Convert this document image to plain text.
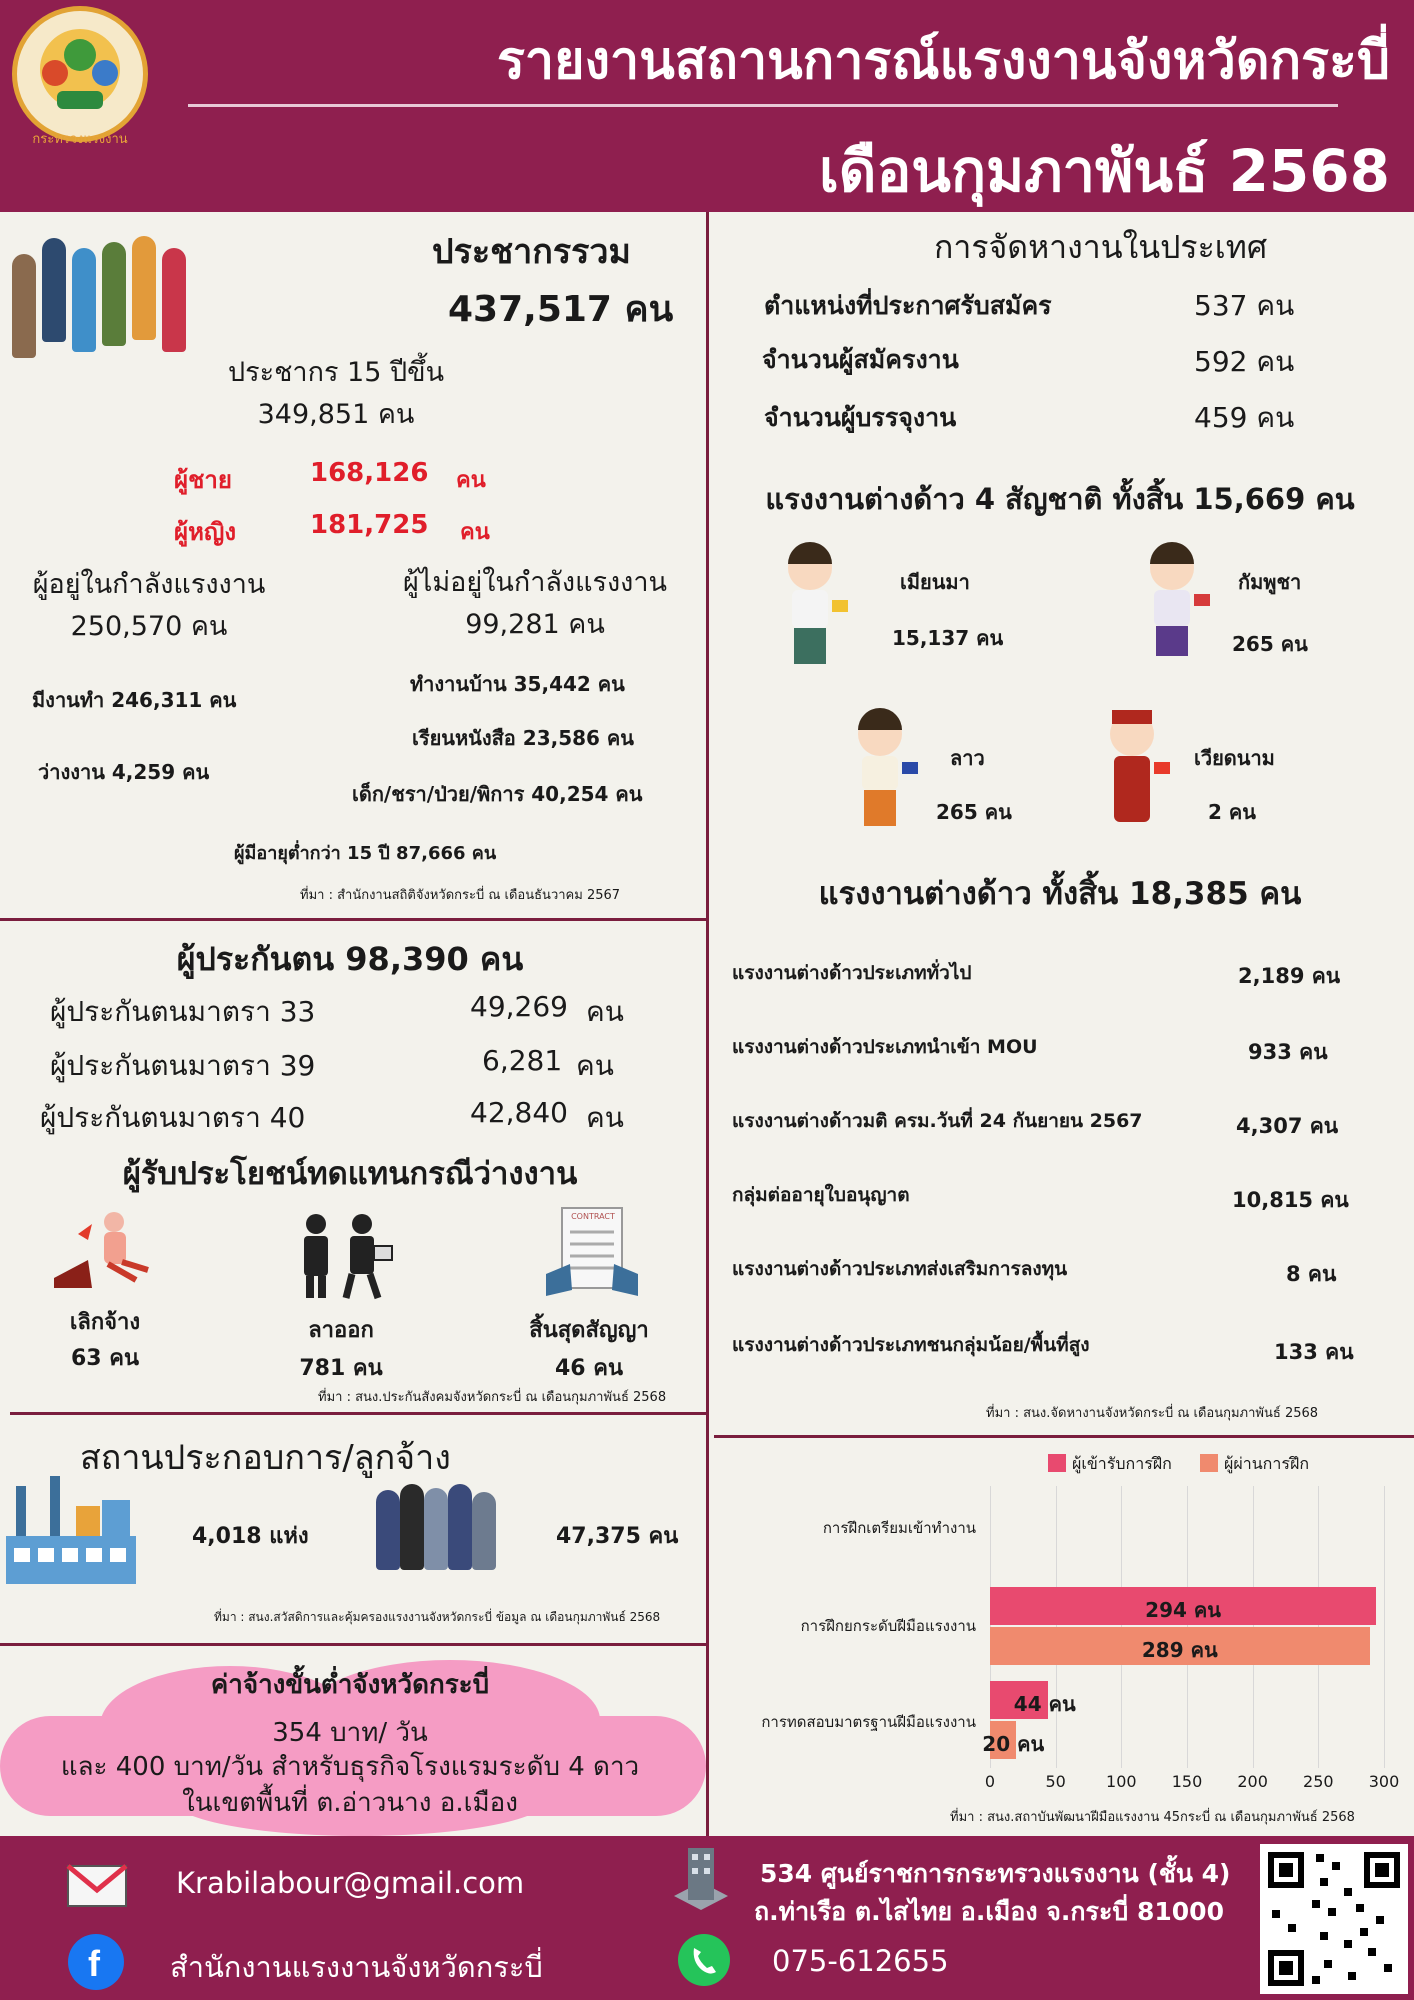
กระทรวงแรงงาน
รายงานสถานการณ์แรงงานจังหวัดกระบี่
เดือนกุมภาพันธ์ 2568
ประชากรรวม
437,517 คน
ประชากร 15 ปีขึ้น
349,851 คน
ผู้ชาย	168,126 คน
ผู้หญิง	181,725 คน
ผู้อยู่ในกำลังแรงงาน
250,570 คน
ผู้ไม่อยู่ในกำลังแรงงาน
99,281 คน
มีงานทำ 246,311 คน
ว่างงาน 4,259 คน
ทำงานบ้าน 35,442 คน
เรียนหนังสือ 23,586 คน
เด็ก/ชรา/ป่วย/พิการ 40,254 คน
ผู้มีอายุต่ำกว่า 15 ปี 87,666 คน
ที่มา : สำนักงานสถิติจังหวัดกระบี่ ณ เดือนธันวาคม 2567
ผู้ประกันตน 98,390 คน
ผู้ประกันตนมาตรา 33	49,269 คน
ผู้ประกันตนมาตรา 39	6,281 คน
ผู้ประกันตนมาตรา 40	42,840 คน
ผู้รับประโยชน์ทดแทนกรณีว่างงาน
เลิกจ้าง
63 คน
ลาออก
781 คน
CONTRACT
สิ้นสุดสัญญา
46 คน
ที่มา : สนง.ประกันสังคมจังหวัดกระบี่ ณ เดือนกุมภาพันธ์ 2568
สถานประกอบการ/ลูกจ้าง
4,018 แห่ง	47,375 คน
ที่มา : สนง.สวัสดิการและคุ้มครองแรงงานจังหวัดกระบี่ ข้อมูล ณ เดือนกุมภาพันธ์ 2568
ค่าจ้างขั้นต่ำจังหวัดกระบี่
354 บาท/ วัน
และ 400 บาท/วัน สำหรับธุรกิจโรงแรมระดับ 4 ดาว
ในเขตพื้นที่ ต.อ่าวนาง อ.เมือง
การจัดหางานในประเทศ
ตำแหน่งที่ประกาศรับสมัคร	537 คน
จำนวนผู้สมัครงาน	592 คน
จำนวนผู้บรรจุงาน	459 คน
แรงงานต่างด้าว 4 สัญชาติ ทั้งสิ้น 15,669 คน
เมียนมา
15,137 คน
กัมพูชา
265 คน
ลาว
265 คน
เวียดนาม
2 คน
แรงงานต่างด้าว ทั้งสิ้น 18,385 คน
แรงงานต่างด้าวประเภททั่วไป	2,189 คน
แรงงานต่างด้าวประเภทนำเข้า MOU	933 คน
แรงงานต่างด้าวมติ ครม.วันที่ 24 กันยายน 2567	4,307 คน
กลุ่มต่ออายุใบอนุญาต	10,815 คน
แรงงานต่างด้าวประเภทส่งเสริมการลงทุน	8 คน
แรงงานต่างด้าวประเภทชนกลุ่มน้อย/พื้นที่สูง	133 คน
ที่มา : สนง.จัดหางานจังหวัดกระบี่ ณ เดือนกุมภาพันธ์ 2568
ผู้เข้ารับการฝึก	ผู้ผ่านการฝึก
0	50	100 150 200 250 300
294 คน
44 คน
289 คน
20 คน
การฝึกเตรียมเข้าทำงาน
การฝึกยกระดับฝีมือแรงงาน
การทดสอบมาตรฐานฝีมือแรงงาน
ที่มา : สนง.สถาบันพัฒนาฝีมือแรงงาน 45กระบี่ ณ เดือนกุมภาพันธ์ 2568
Krabilabour@gmail.com
f สำนักงานแรงงานจังหวัดกระบี่
534 ศูนย์ราชการกระทรวงแรงงาน (ชั้น 4)
ถ.ท่าเรือ ต.ไสไทย อ.เมือง จ.กระบี่ 81000
075-612655
